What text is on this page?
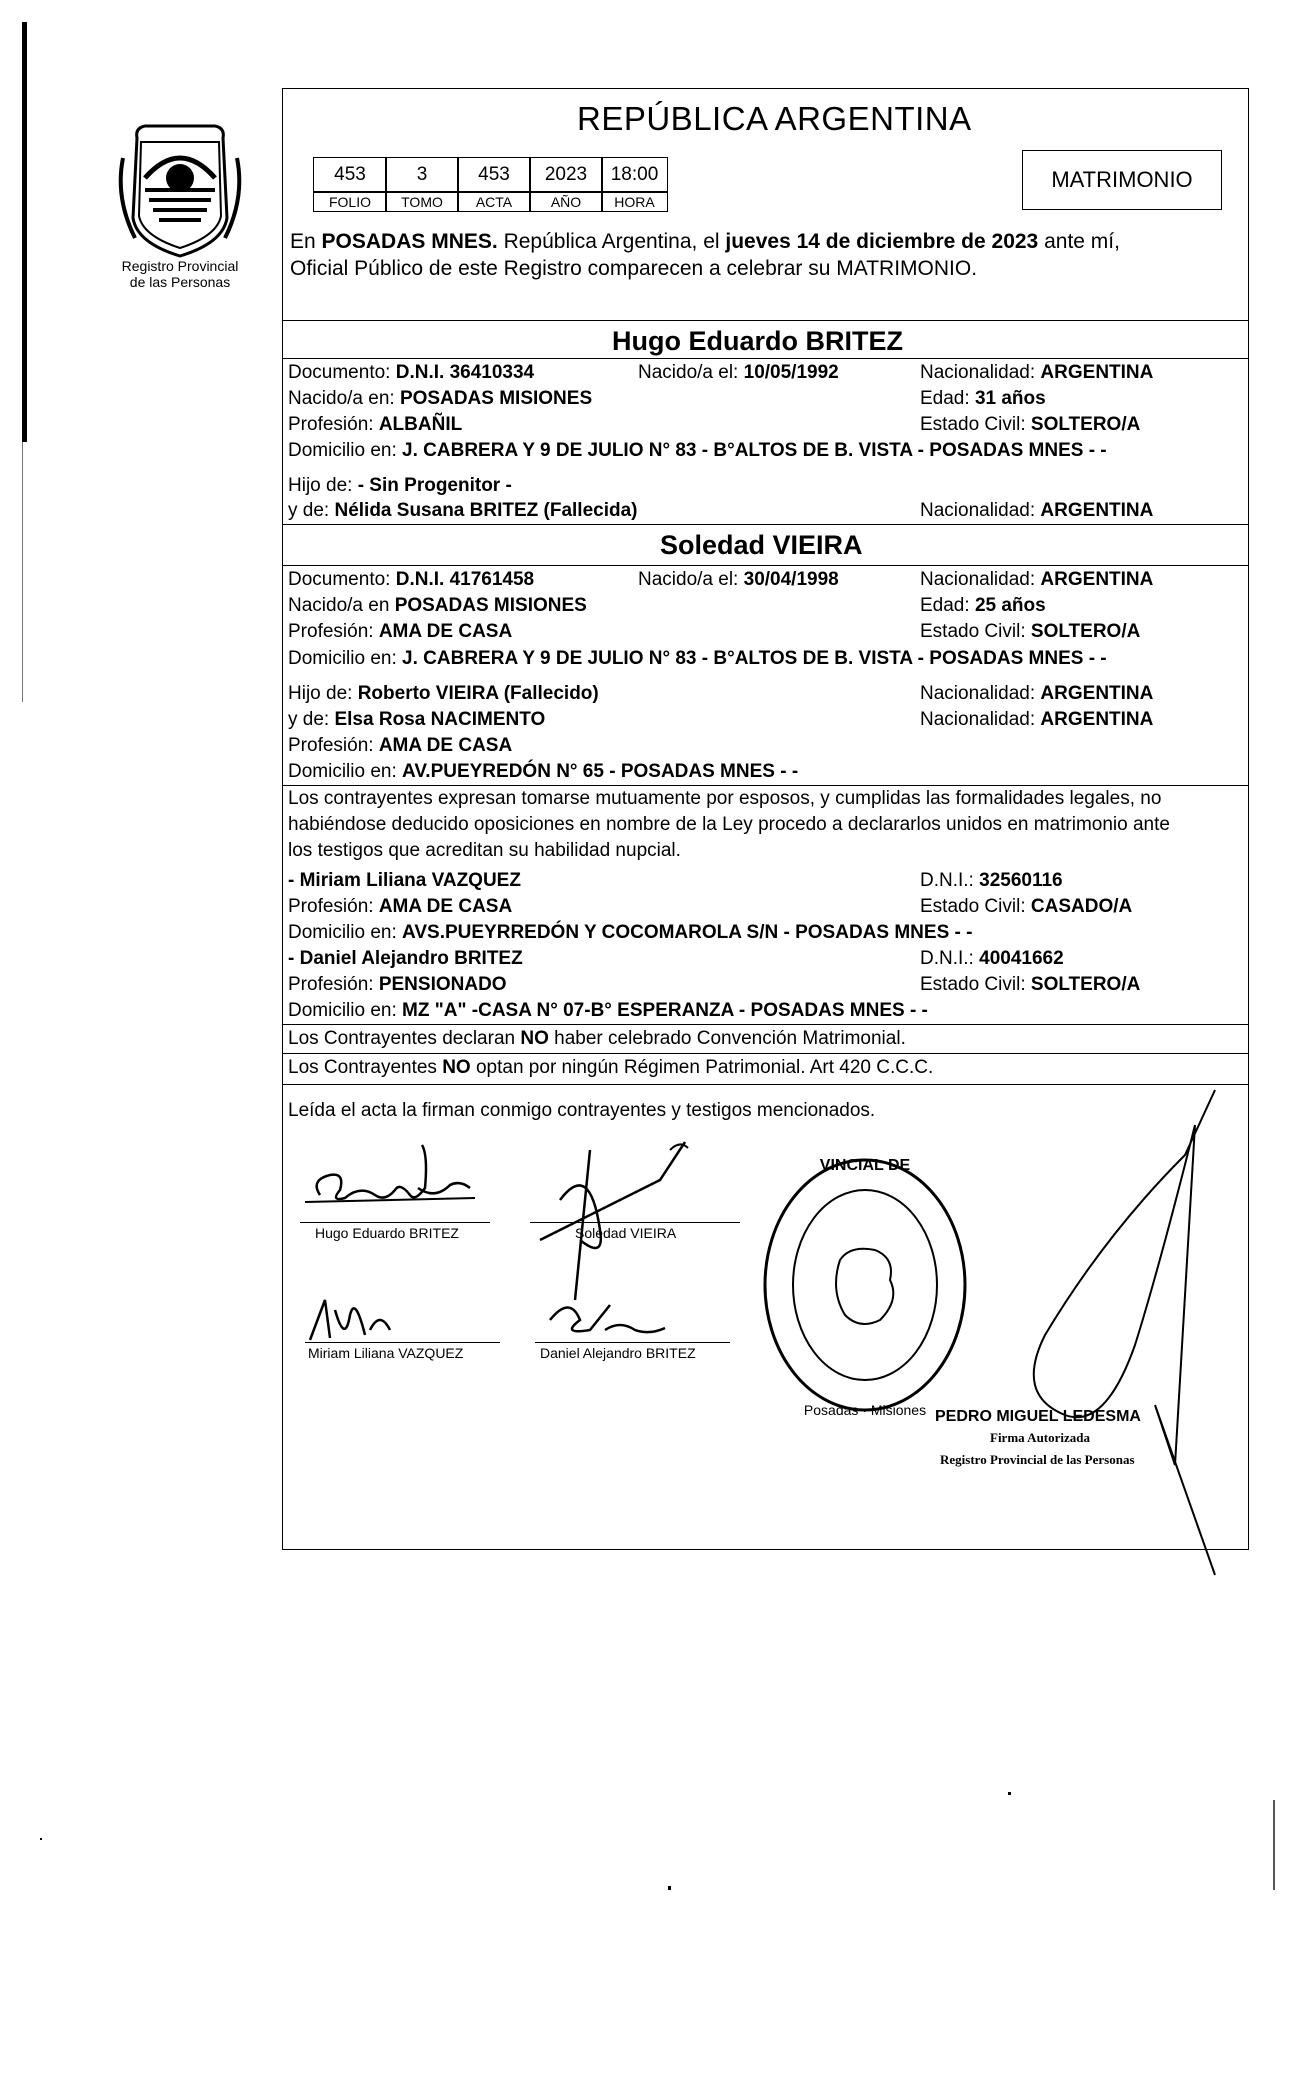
Registro Provincial
de las Personas
REPÚBLICA ARGENTINA
453	3	453	2023	18:00
FOLIO	TOMO	ACTA	AÑO	HORA
MATRIMONIO
En POSADAS MNES. República Argentina, el jueves 14 de diciembre de 2023 ante mí,
Oficial Público de este Registro comparecen a celebrar su MATRIMONIO.
Hugo Eduardo BRITEZ
Documento: D.N.I. 36410334	Nacido/a el: 10/05/1992	Nacionalidad: ARGENTINA
Nacido/a en: POSADAS MISIONES	Edad: 31 años
Profesión: ALBAÑIL	Estado Civil: SOLTERO/A
Domicilio en: J. CABRERA Y 9 DE JULIO N° 83 - B°ALTOS DE B. VISTA - POSADAS MNES - -
Hijo de: - Sin Progenitor -
y de: Nélida Susana BRITEZ (Fallecida)	Nacionalidad: ARGENTINA
Soledad VIEIRA
Documento: D.N.I. 41761458	Nacido/a el: 30/04/1998	Nacionalidad: ARGENTINA
Nacido/a en POSADAS MISIONES	Edad: 25 años
Profesión: AMA DE CASA	Estado Civil: SOLTERO/A
Domicilio en: J. CABRERA Y 9 DE JULIO N° 83 - B°ALTOS DE B. VISTA - POSADAS MNES - -
Hijo de: Roberto VIEIRA (Fallecido)	Nacionalidad: ARGENTINA
y de: Elsa Rosa NACIMENTO	Nacionalidad: ARGENTINA
Profesión: AMA DE CASA
Domicilio en: AV.PUEYREDÓN N° 65 - POSADAS MNES - -
Los contrayentes expresan tomarse mutuamente por esposos, y cumplidas las formalidades legales, no
habiéndose deducido oposiciones en nombre de la Ley procedo a declararlos unidos en matrimonio ante
los testigos que acreditan su habilidad nupcial.
- Miriam Liliana VAZQUEZ	D.N.I.: 32560116
Profesión: AMA DE CASA	Estado Civil: CASADO/A
Domicilio en: AVS.PUEYRREDÓN Y COCOMAROLA S/N - POSADAS MNES - -
- Daniel Alejandro BRITEZ	D.N.I.: 40041662
Profesión: PENSIONADO	Estado Civil: SOLTERO/A
Domicilio en: MZ "A" -CASA N° 07-B° ESPERANZA - POSADAS MNES - -
Los Contrayentes declaran NO haber celebrado Convención Matrimonial.
Los Contrayentes NO optan por ningún Régimen Patrimonial. Art 420 C.C.C.
Leída el acta la firman conmigo contrayentes y testigos mencionados.
Hugo Eduardo BRITEZ	Soledad VIEIRA
Miriam Liliana VAZQUEZ	Daniel Alejandro BRITEZ
VINCIAL DE
Posadas · Misiones PEDRO MIGUEL LEDESMA
Firma Autorizada
Registro Provincial de las Personas
